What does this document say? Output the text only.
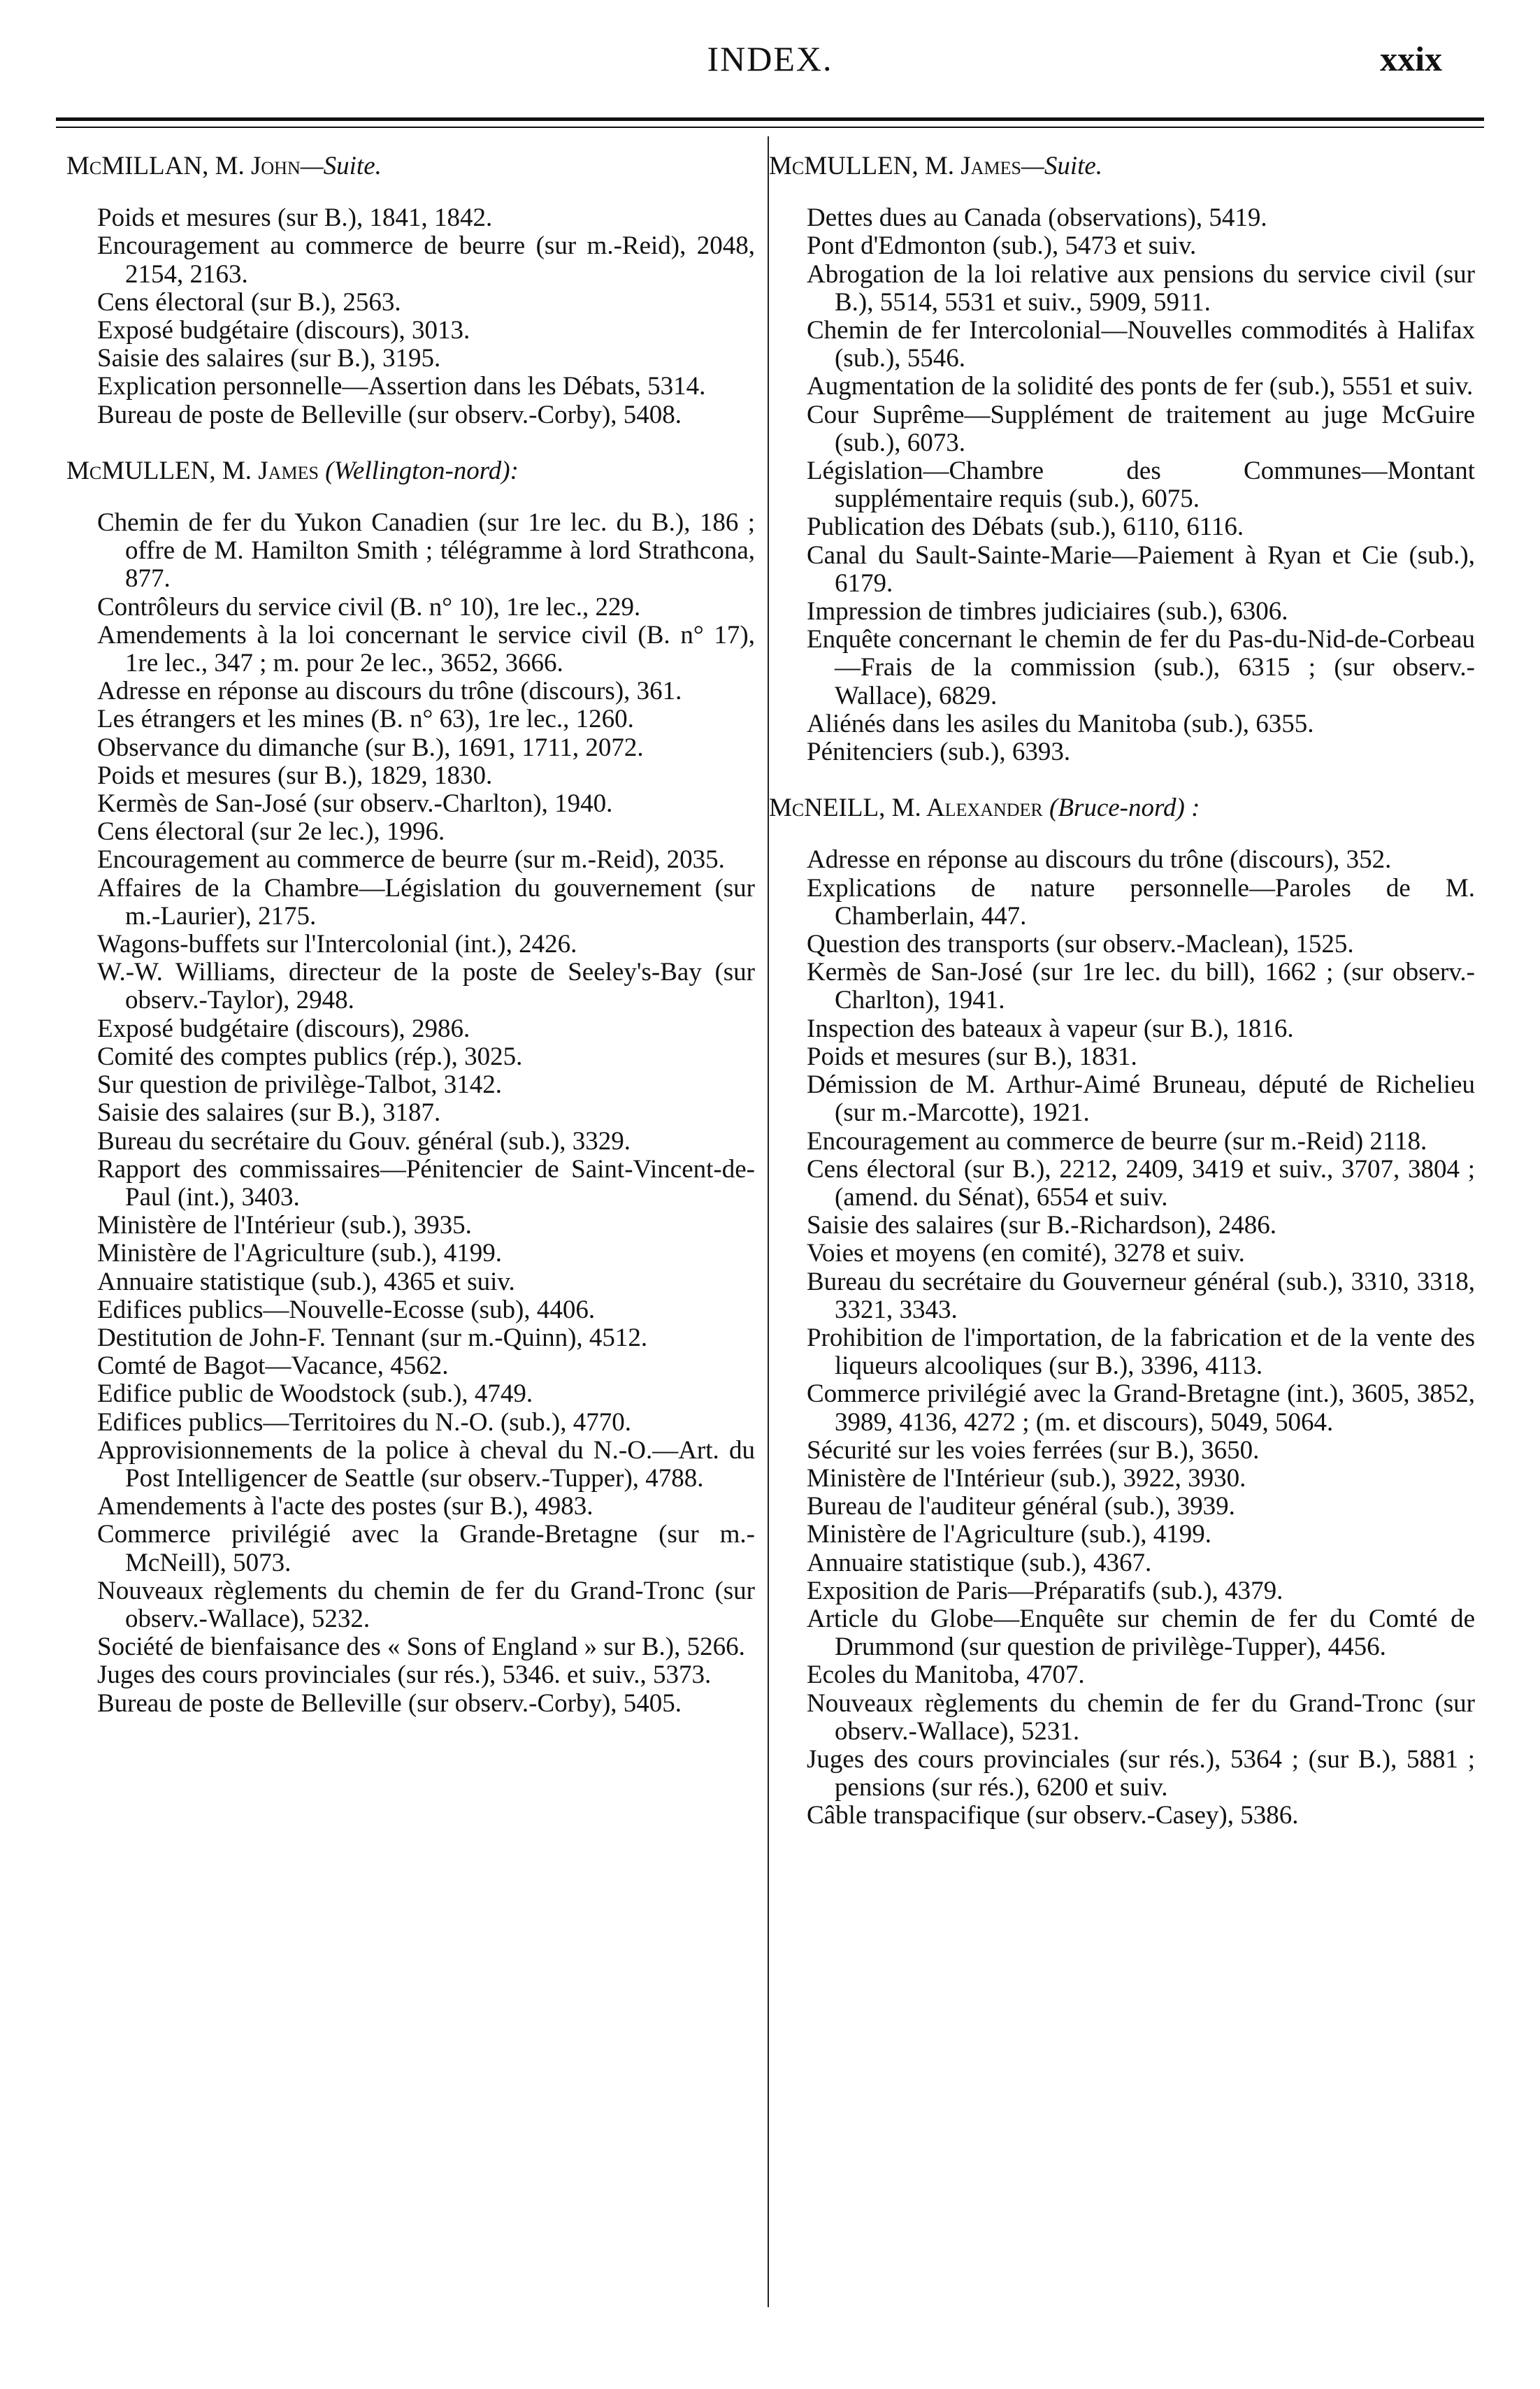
INDEX.	xxix
McMILLAN, M. John—Suite.
Poids et mesures (sur B.), 1841, 1842.
Encouragement au commerce de beurre (sur m.-Reid), 2048, 2154, 2163.
Cens électoral (sur B.), 2563.
Exposé budgétaire (discours), 3013.
Saisie des salaires (sur B.), 3195.
Explication personnelle—Assertion dans les Débats, 5314.
Bureau de poste de Belleville (sur observ.-Corby), 5408.
McMULLEN, M. James (Wellington-nord):
Chemin de fer du Yukon Canadien (sur 1re lec. du B.), 186 ; offre de M. Hamilton Smith ; télégramme à lord Strathcona, 877.
Contrôleurs du service civil (B. n° 10), 1re lec., 229.
Amendements à la loi concernant le service civil (B. n° 17), 1re lec., 347 ; m. pour 2e lec., 3652, 3666.
Adresse en réponse au discours du trône (discours), 361.
Les étrangers et les mines (B. n° 63), 1re lec., 1260.
Observance du dimanche (sur B.), 1691, 1711, 2072.
Poids et mesures (sur B.), 1829, 1830.
Kermès de San-José (sur observ.-Charlton), 1940.
Cens électoral (sur 2e lec.), 1996.
Encouragement au commerce de beurre (sur m.-Reid), 2035.
Affaires de la Chambre—Législation du gouvernement (sur m.-Laurier), 2175.
Wagons-buffets sur l'Intercolonial (int.), 2426.
W.-W. Williams, directeur de la poste de Seeley's-Bay (sur observ.-Taylor), 2948.
Exposé budgétaire (discours), 2986.
Comité des comptes publics (rép.), 3025.
Sur question de privilège-Talbot, 3142.
Saisie des salaires (sur B.), 3187.
Bureau du secrétaire du Gouv. général (sub.), 3329.
Rapport des commissaires—Pénitencier de Saint-Vincent-de-Paul (int.), 3403.
Ministère de l'Intérieur (sub.), 3935.
Ministère de l'Agriculture (sub.), 4199.
Annuaire statistique (sub.), 4365 et suiv.
Edifices publics—Nouvelle-Ecosse (sub), 4406.
Destitution de John-F. Tennant (sur m.-Quinn), 4512.
Comté de Bagot—Vacance, 4562.
Edifice public de Woodstock (sub.), 4749.
Edifices publics—Territoires du N.-O. (sub.), 4770.
Approvisionnements de la police à cheval du N.-O.—Art. du Post Intelligencer de Seattle (sur observ.-Tupper), 4788.
Amendements à l'acte des postes (sur B.), 4983.
Commerce privilégié avec la Grande-Bretagne (sur m.-McNeill), 5073.
Nouveaux règlements du chemin de fer du Grand-Tronc (sur observ.-Wallace), 5232.
Société de bienfaisance des « Sons of England » sur B.), 5266.
Juges des cours provinciales (sur rés.), 5346. et suiv., 5373.
Bureau de poste de Belleville (sur observ.-Corby), 5405.
McMULLEN, M. James—Suite.
Dettes dues au Canada (observations), 5419.
Pont d'Edmonton (sub.), 5473 et suiv.
Abrogation de la loi relative aux pensions du service civil (sur B.), 5514, 5531 et suiv., 5909, 5911.
Chemin de fer Intercolonial—Nouvelles commodités à Halifax (sub.), 5546.
Augmentation de la solidité des ponts de fer (sub.), 5551 et suiv.
Cour Suprême—Supplément de traitement au juge McGuire (sub.), 6073.
Législation—Chambre des Communes—Montant supplémentaire requis (sub.), 6075.
Publication des Débats (sub.), 6110, 6116.
Canal du Sault-Sainte-Marie—Paiement à Ryan et Cie (sub.), 6179.
Impression de timbres judiciaires (sub.), 6306.
Enquête concernant le chemin de fer du Pas-du-Nid-de-Corbeau—Frais de la commission (sub.), 6315 ; (sur observ.-Wallace), 6829.
Aliénés dans les asiles du Manitoba (sub.), 6355.
Pénitenciers (sub.), 6393.
McNEILL, M. Alexander (Bruce-nord) :
Adresse en réponse au discours du trône (discours), 352.
Explications de nature personnelle—Paroles de M. Chamberlain, 447.
Question des transports (sur observ.-Maclean), 1525.
Kermès de San-José (sur 1re lec. du bill), 1662 ; (sur observ.-Charlton), 1941.
Inspection des bateaux à vapeur (sur B.), 1816.
Poids et mesures (sur B.), 1831.
Démission de M. Arthur-Aimé Bruneau, député de Richelieu (sur m.-Marcotte), 1921.
Encouragement au commerce de beurre (sur m.-Reid) 2118.
Cens électoral (sur B.), 2212, 2409, 3419 et suiv., 3707, 3804 ; (amend. du Sénat), 6554 et suiv.
Saisie des salaires (sur B.-Richardson), 2486.
Voies et moyens (en comité), 3278 et suiv.
Bureau du secrétaire du Gouverneur général (sub.), 3310, 3318, 3321, 3343.
Prohibition de l'importation, de la fabrication et de la vente des liqueurs alcooliques (sur B.), 3396, 4113.
Commerce privilégié avec la Grand-Bretagne (int.), 3605, 3852, 3989, 4136, 4272 ; (m. et discours), 5049, 5064.
Sécurité sur les voies ferrées (sur B.), 3650.
Ministère de l'Intérieur (sub.), 3922, 3930.
Bureau de l'auditeur général (sub.), 3939.
Ministère de l'Agriculture (sub.), 4199.
Annuaire statistique (sub.), 4367.
Exposition de Paris—Préparatifs (sub.), 4379.
Article du Globe—Enquête sur chemin de fer du Comté de Drummond (sur question de privilège-Tupper), 4456.
Ecoles du Manitoba, 4707.
Nouveaux règlements du chemin de fer du Grand-Tronc (sur observ.-Wallace), 5231.
Juges des cours provinciales (sur rés.), 5364 ; (sur B.), 5881 ; pensions (sur rés.), 6200 et suiv.
Câble transpacifique (sur observ.-Casey), 5386.
